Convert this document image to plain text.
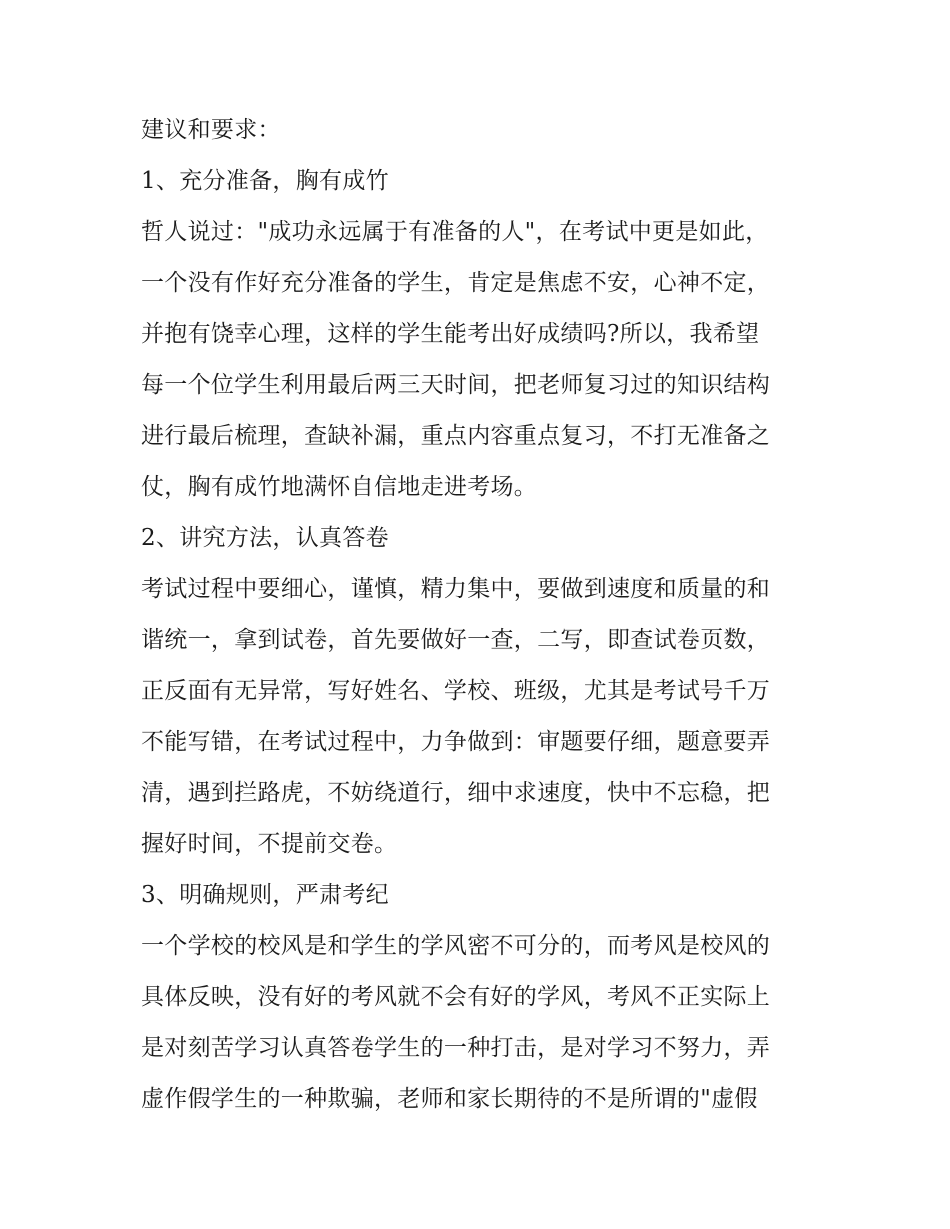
建议和要求：
1、充分准备，胸有成竹
哲人说过："成功永远属于有准备的人"，在考试中更是如此，
一个没有作好充分准备的学生，肯定是焦虑不安，心神不定，
并抱有饶幸心理，这样的学生能考出好成绩吗?所以，我希望
每一个位学生利用最后两三天时间，把老师复习过的知识结构
进行最后梳理，查缺补漏，重点内容重点复习，不打无准备之
仗，胸有成竹地满怀自信地走进考场。
2、讲究方法，认真答卷
考试过程中要细心，谨慎，精力集中，要做到速度和质量的和
谐统一，拿到试卷，首先要做好一查，二写，即查试卷页数，
正反面有无异常，写好姓名、学校、班级，尤其是考试号千万
不能写错，在考试过程中，力争做到：审题要仔细，题意要弄
清，遇到拦路虎，不妨绕道行，细中求速度，快中不忘稳，把
握好时间，不提前交卷。
3、明确规则，严肃考纪
一个学校的校风是和学生的学风密不可分的，而考风是校风的
具体反映，没有好的考风就不会有好的学风，考风不正实际上
是对刻苦学习认真答卷学生的一种打击，是对学习不努力，弄
虚作假学生的一种欺骗，老师和家长期待的不是所谓的"虚假
